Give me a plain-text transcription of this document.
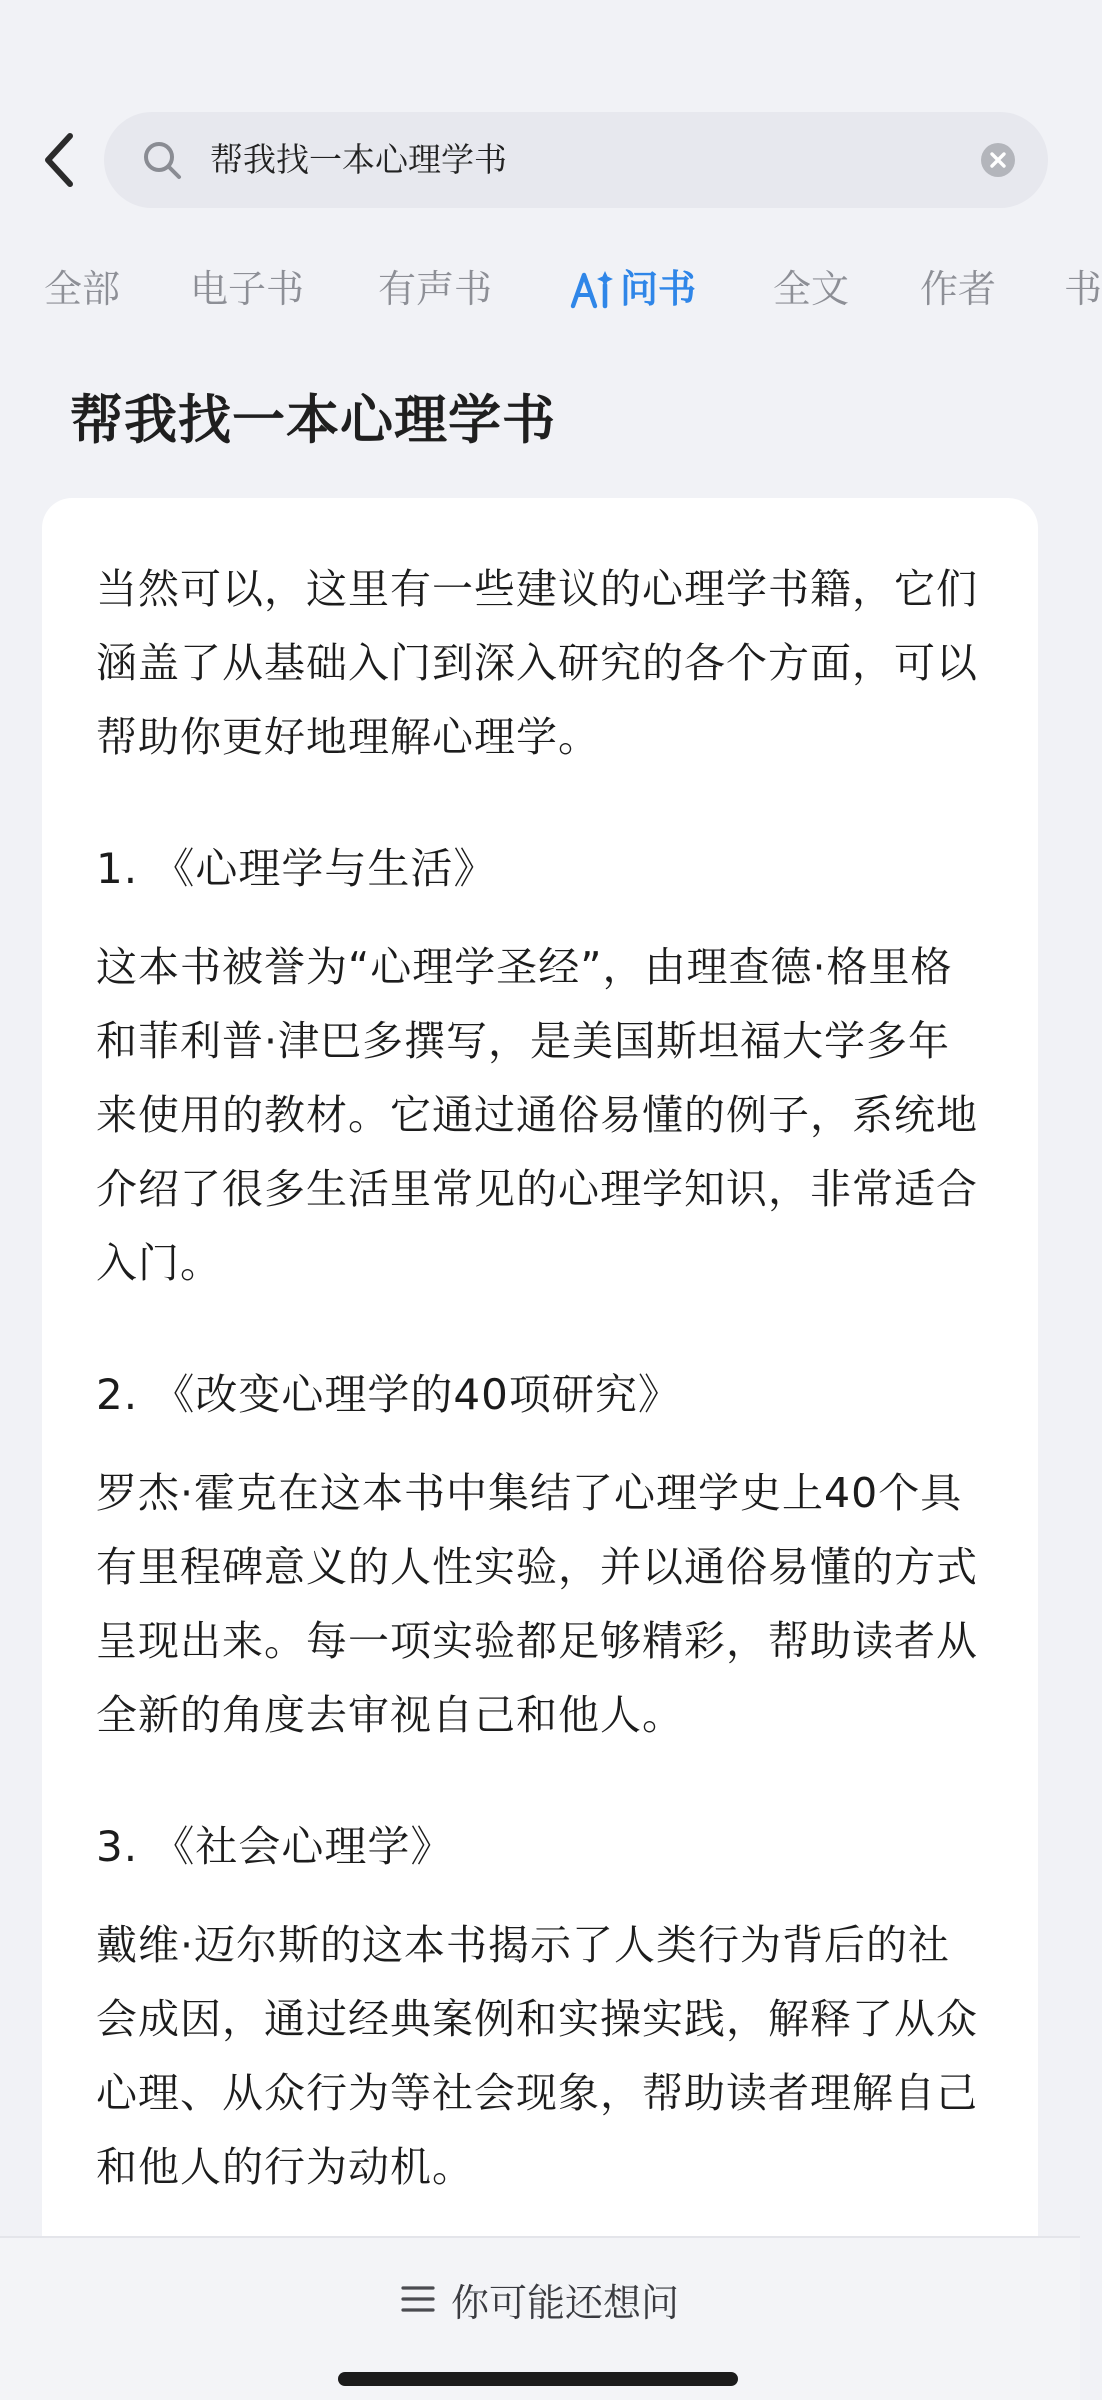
帮我找一本心理学书
全部 电子书 有声书	问书 全文 作者 书
帮我找一本心理学书

当然可以，这里有一些建议的心理学书籍，它们涵盖了从基础入门到深入研究的各个方面，可以帮助你更好地理解心理学。

1. 《心理学与生活》

这本书被誉为“心理学圣经”，由理查德·格里格和菲利普·津巴多撰写，是美国斯坦福大学多年来使用的教材。它通过通俗易懂的例子，系统地介绍了很多生活里常见的心理学知识，非常适合入门。

2. 《改变心理学的40项研究》

罗杰·霍克在这本书中集结了心理学史上40个具有里程碑意义的人性实验，并以通俗易懂的方式呈现出来。每一项实验都足够精彩，帮助读者从全新的角度去审视自己和他人。

3. 《社会心理学》

戴维·迈尔斯的这本书揭示了人类行为背后的社会成因，通过经典案例和实操实践，解释了从众心理、从众行为等社会现象，帮助读者理解自己和他人的行为动机。

你可能还想问
